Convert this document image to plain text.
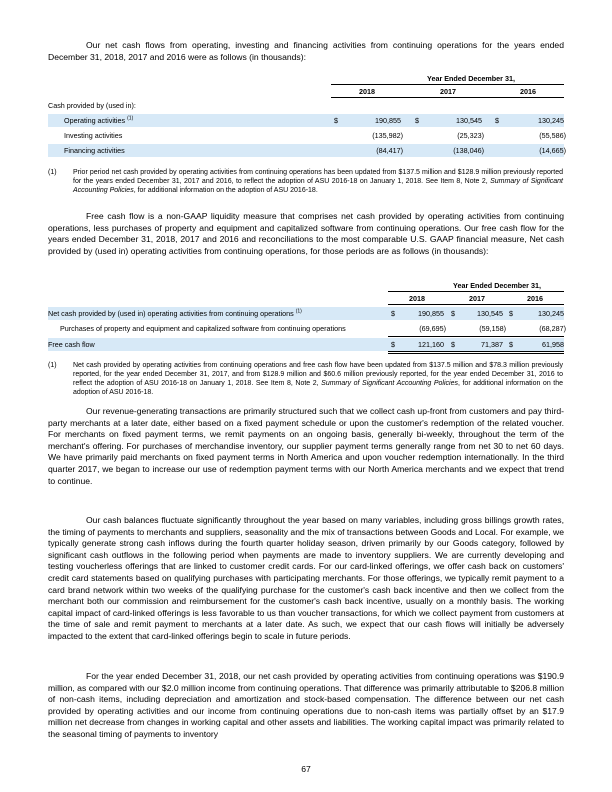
Our net cash flows from operating, investing and financing activities from continuing operations for the years ended December 31, 2018, 2017 and 2016 were as follows (in thousands):

Year Ended December 31,
2018	2017	2016
Cash provided by (used in):
Operating activities $^{(1)}$	$	190,855 $	130,545 $	130,245
Investing activities	(135,982)	(25,323)	(55,586)
Financing activities	(84,417)	(138,046)	(14,665)
(1) Prior period net cash provided by operating activities from continuing operations has been updated from $137.5 million and $128.9 million previously reported for the years ended December 31, 2017 and 2016, to reflect the adoption of ASU 2016-18 on January 1, 2018. See Item 8, Note 2, Summary of Significant Accounting Policies, for additional information on the adoption of ASU 2016-18.

Free cash flow is a non-GAAP liquidity measure that comprises net cash provided by operating activities from continuing operations, less purchases of property and equipment and capitalized software from continuing operations. Our free cash flow for the years ended December 31, 2018, 2017 and 2016 and reconciliations to the most comparable U.S. GAAP financial measure, Net cash provided by (used in) operating activities from continuing operations, for those periods are as follows (in thousands):

Year Ended December 31,
2018	2017	2016
Net cash provided by (used in) operating activities from continuing operations $^{(1)}$	$	190,855 $	130,545 $	130,245
Purchases of property and equipment and capitalized software from continuing operations	(69,695)	(59,158)	(68,287)
Free cash flow	$	121,160 $	71,387 $	61,958
(1) Net cash provided by operating activities from continuing operations and free cash flow have been updated from $137.5 million and $78.3 million previously reported, for the year ended December 31, 2017, and from $128.9 million and $60.6 million previously reported, for the year ended December 31, 2016 to reflect the adoption of ASU 2016-18 on January 1, 2018. See Item 8, Note 2, Summary of Significant Accounting Policies, for additional information on the adoption of ASU 2016-18.

Our revenue-generating transactions are primarily structured such that we collect cash up-front from customers and pay third-party merchants at a later date, either based on a fixed payment schedule or upon the customer's redemption of the related voucher. For merchants on fixed payment terms, we remit payments on an ongoing basis, generally bi-weekly, throughout the term of the merchant's offering. For purchases of merchandise inventory, our supplier payment terms generally range from net 30 to net 60 days. We have primarily paid merchants on fixed payment terms in North America and upon voucher redemption internationally. In the third quarter 2017, we began to increase our use of redemption payment terms with our North America merchants and we expect that trend to continue.

Our cash balances fluctuate significantly throughout the year based on many variables, including gross billings growth rates, the timing of payments to merchants and suppliers, seasonality and the mix of transactions between Goods and Local. For example, we typically generate strong cash inflows during the fourth quarter holiday season, driven primarily by our Goods category, followed by significant cash outflows in the following period when payments are made to inventory suppliers. We are currently developing and testing voucherless offerings that are linked to customer credit cards. For our card-linked offerings, we offer cash back on customers' credit card statements based on qualifying purchases with participating merchants. For those offerings, we typically remit payment to a card brand network within two weeks of the qualifying purchase for the customer's cash back incentive and then we collect from the merchant both our commission and reimbursement for the customer's cash back incentive, usually on a monthly basis. The working capital impact of card-linked offerings is less favorable to us than voucher transactions, for which we collect payment from customers at the time of sale and remit payment to merchants at a later date. As such, we expect that our cash flows will initially be adversely impacted to the extent that card-linked offerings begin to scale in future periods.

For the year ended December 31, 2018, our net cash provided by operating activities from continuing operations was $190.9 million, as compared with our $2.0 million income from continuing operations. That difference was primarily attributable to $206.8 million of non-cash items, including depreciation and amortization and stock-based compensation. The difference between our net cash provided by operating activities and our income from continuing operations due to non-cash items was partially offset by an $17.9 million net decrease from changes in working capital and other assets and liabilities. The working capital impact was primarily related to the seasonal timing of payments to inventory

67
